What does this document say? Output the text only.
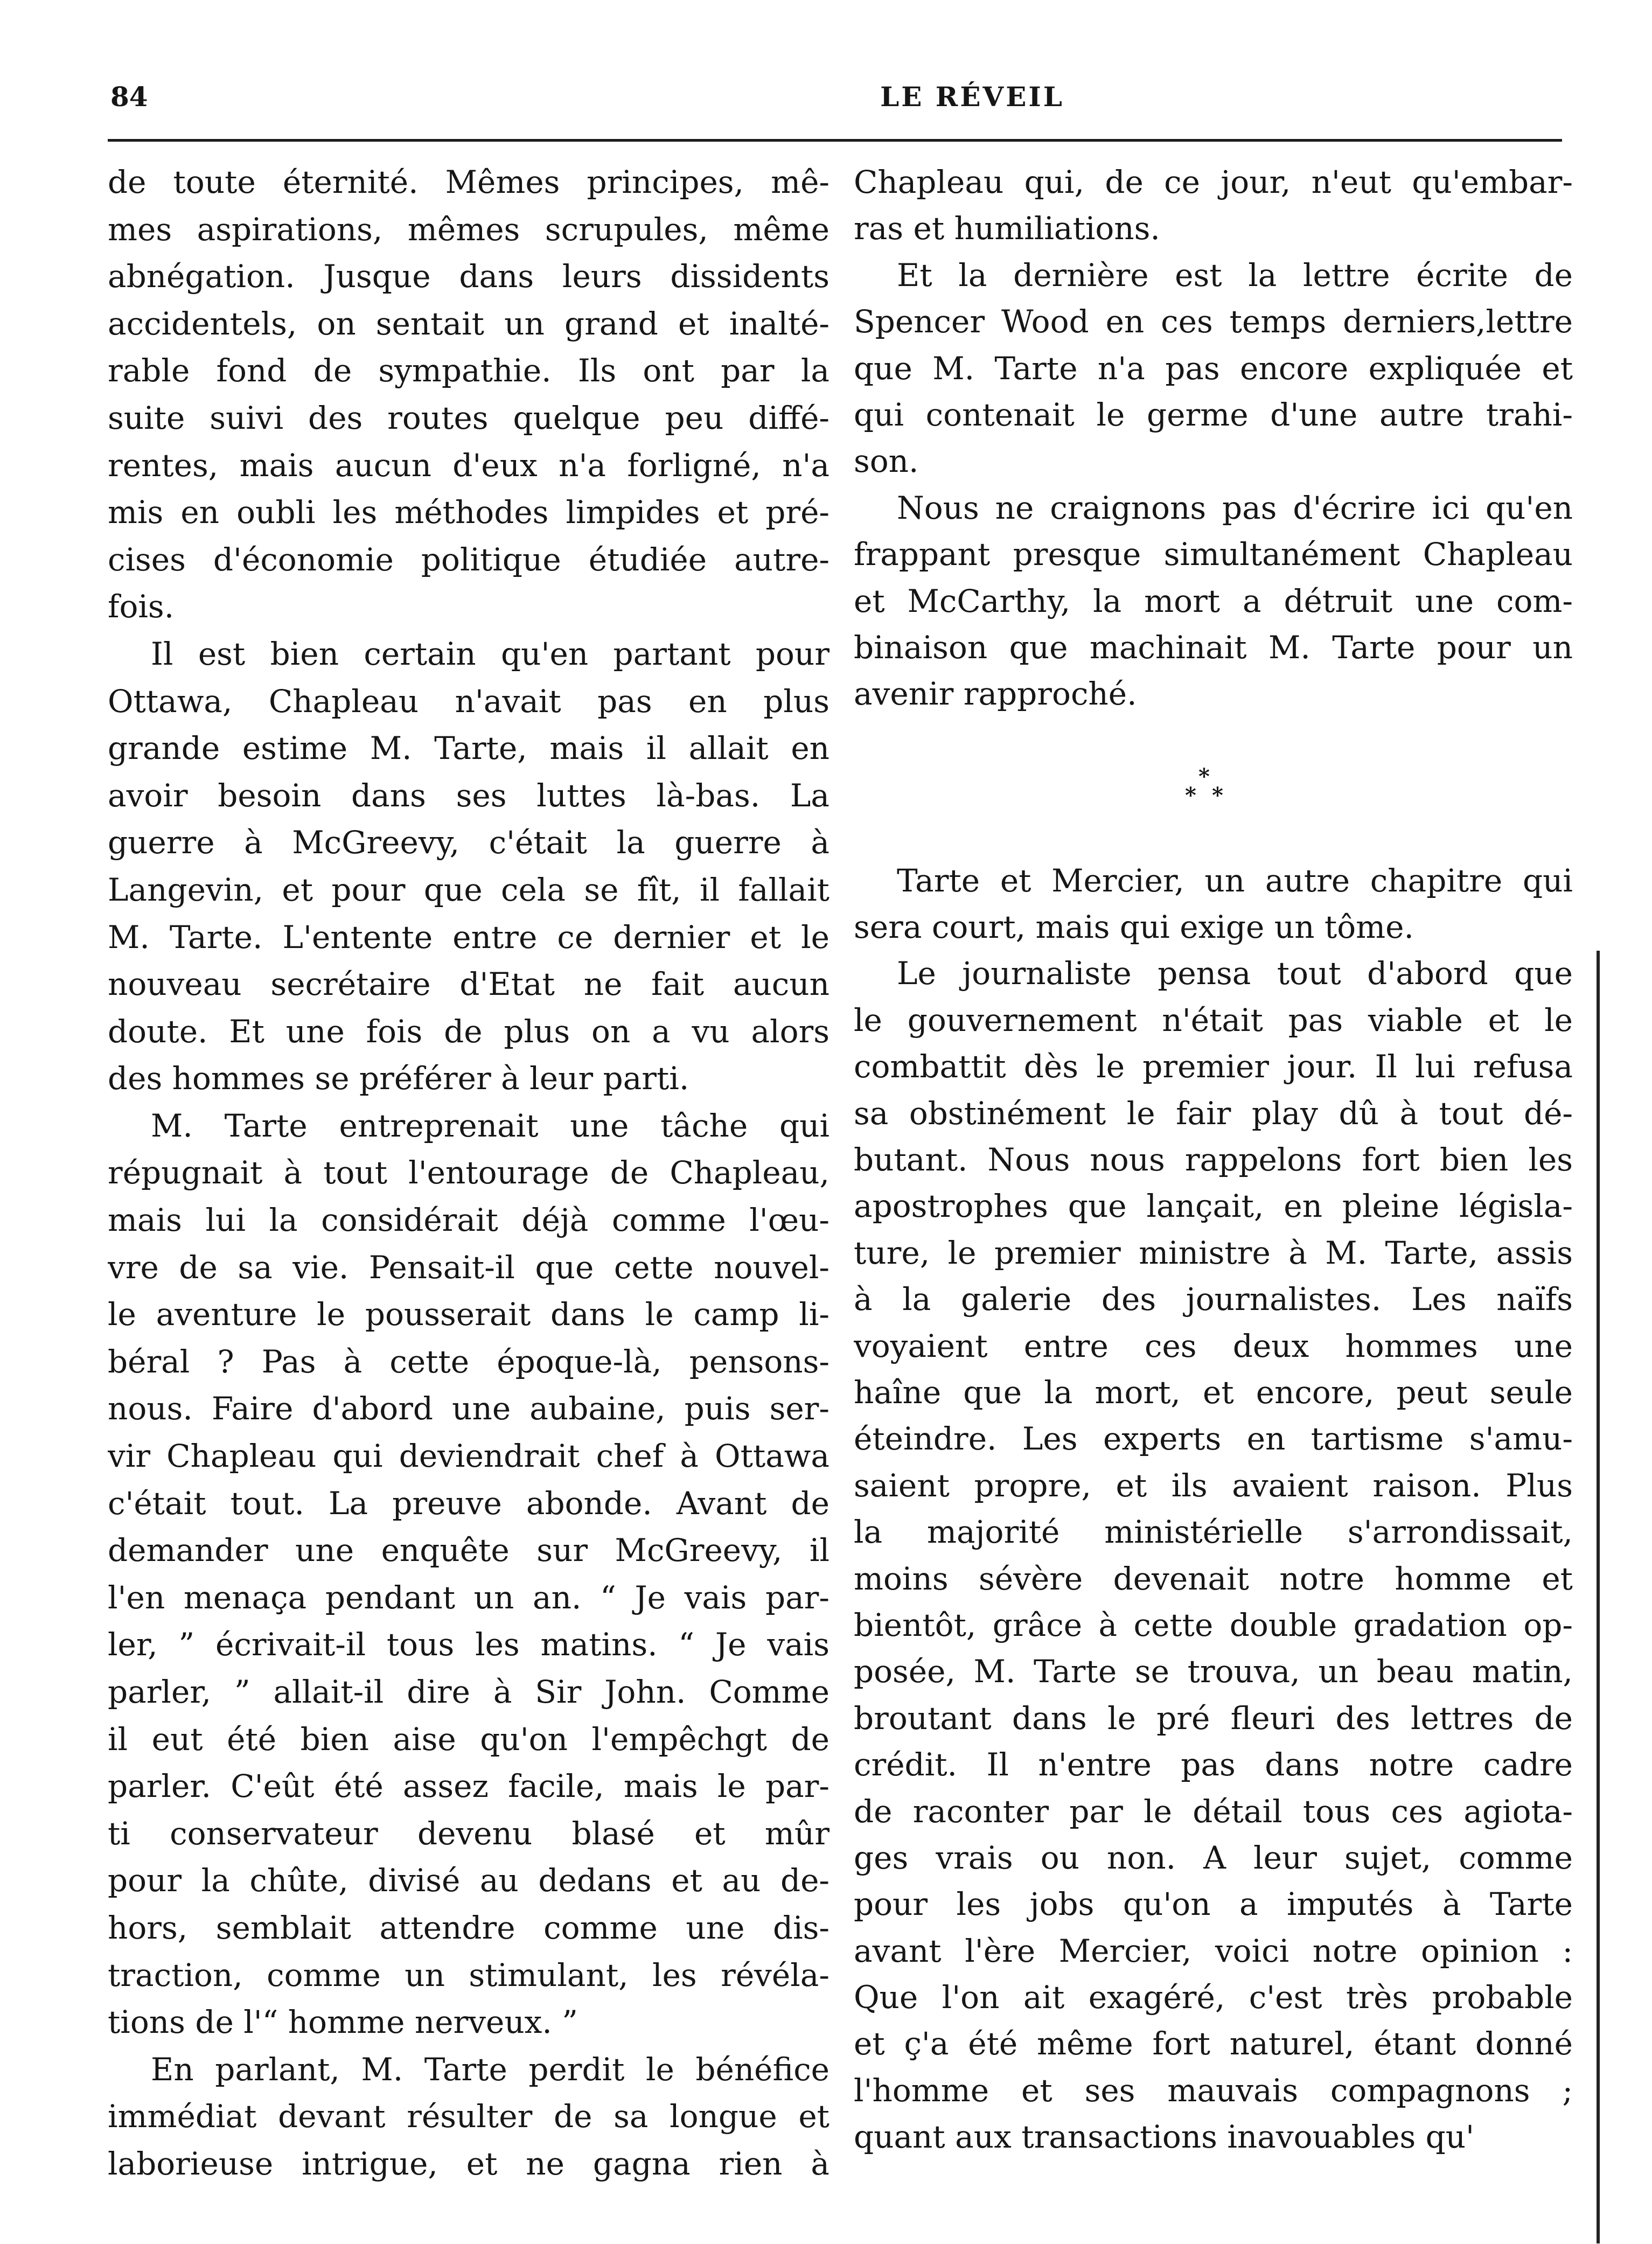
84	LE RÉVEIL
de toute éternité. Mêmes principes, mê-
mes aspirations, mêmes scrupules, même
abnégation. Jusque dans leurs dissidents
accidentels, on sentait un grand et inalté-
rable fond de sympathie. Ils ont par la
suite suivi des routes quelque peu diffé-
rentes, mais aucun d'eux n'a forligné, n'a
mis en oubli les méthodes limpides et pré-
cises d'économie politique étudiée autre-
fois.
Il est bien certain qu'en partant pour
Ottawa, Chapleau n'avait pas en plus
grande estime M. Tarte, mais il allait en
avoir besoin dans ses luttes là-bas. La
guerre à McGreevy, c'était la guerre à
Langevin, et pour que cela se fît, il fallait
M. Tarte. L'entente entre ce dernier et le
nouveau secrétaire d'Etat ne fait aucun
doute. Et une fois de plus on a vu alors
des hommes se préférer à leur parti.
M. Tarte entreprenait une tâche qui
répugnait à tout l'entourage de Chapleau,
mais lui la considérait déjà comme l'œu-
vre de sa vie. Pensait-il que cette nouvel-
le aventure le pousserait dans le camp li-
béral ? Pas à cette époque-là, pensons-
nous. Faire d'abord une aubaine, puis ser-
vir Chapleau qui deviendrait chef à Ottawa
c'était tout. La preuve abonde. Avant de
demander une enquête sur McGreevy, il
l'en menaça pendant un an. “ Je vais par-
ler, ” écrivait-il tous les matins. “ Je vais
parler, ” allait-il dire à Sir John. Comme
il eut été bien aise qu'on l'empêchgt de
parler. C'eût été assez facile, mais le par-
ti conservateur devenu blasé et mûr
pour la chûte, divisé au dedans et au de-
hors, semblait attendre comme une dis-
traction, comme un stimulant, les révéla-
tions de l'“ homme nerveux. ”
En parlant, M. Tarte perdit le bénéfice
immédiat devant résulter de sa longue et
laborieuse intrigue, et ne gagna rien à
Chapleau qui, de ce jour, n'eut qu'embar-
ras et humiliations.
Et la dernière est la lettre écrite de
Spencer Wood en ces temps derniers,lettre
que M. Tarte n'a pas encore expliquée et
qui contenait le germe d'une autre trahi-
son.
Nous ne craignons pas d'écrire ici qu'en
frappant presque simultanément Chapleau
et McCarthy, la mort a détruit une com-
binaison que machinait M. Tarte pour un
avenir rapproché.
*
* *
Tarte et Mercier, un autre chapitre qui
sera court, mais qui exige un tôme.
Le journaliste pensa tout d'abord que
le gouvernement n'était pas viable et le
combattit dès le premier jour. Il lui refusa
sa obstinément le fair play dû à tout dé-
butant. Nous nous rappelons fort bien les
apostrophes que lançait, en pleine législa-
ture, le premier ministre à M. Tarte, assis
à la galerie des journalistes. Les naïfs
voyaient entre ces deux hommes une
haîne que la mort, et encore, peut seule
éteindre. Les experts en tartisme s'amu-
saient propre, et ils avaient raison. Plus
la majorité ministérielle s'arrondissait,
moins sévère devenait notre homme et
bientôt, grâce à cette double gradation op-
posée, M. Tarte se trouva, un beau matin,
broutant dans le pré fleuri des lettres de
crédit. Il n'entre pas dans notre cadre
de raconter par le détail tous ces agiota-
ges vrais ou non. A leur sujet, comme
pour les jobs qu'on a imputés à Tarte
avant l'ère Mercier, voici notre opinion :
Que l'on ait exagéré, c'est très probable
et ç'a été même fort naturel, étant donné
l'homme et ses mauvais compagnons ;
quant aux transactions inavouables qu'
